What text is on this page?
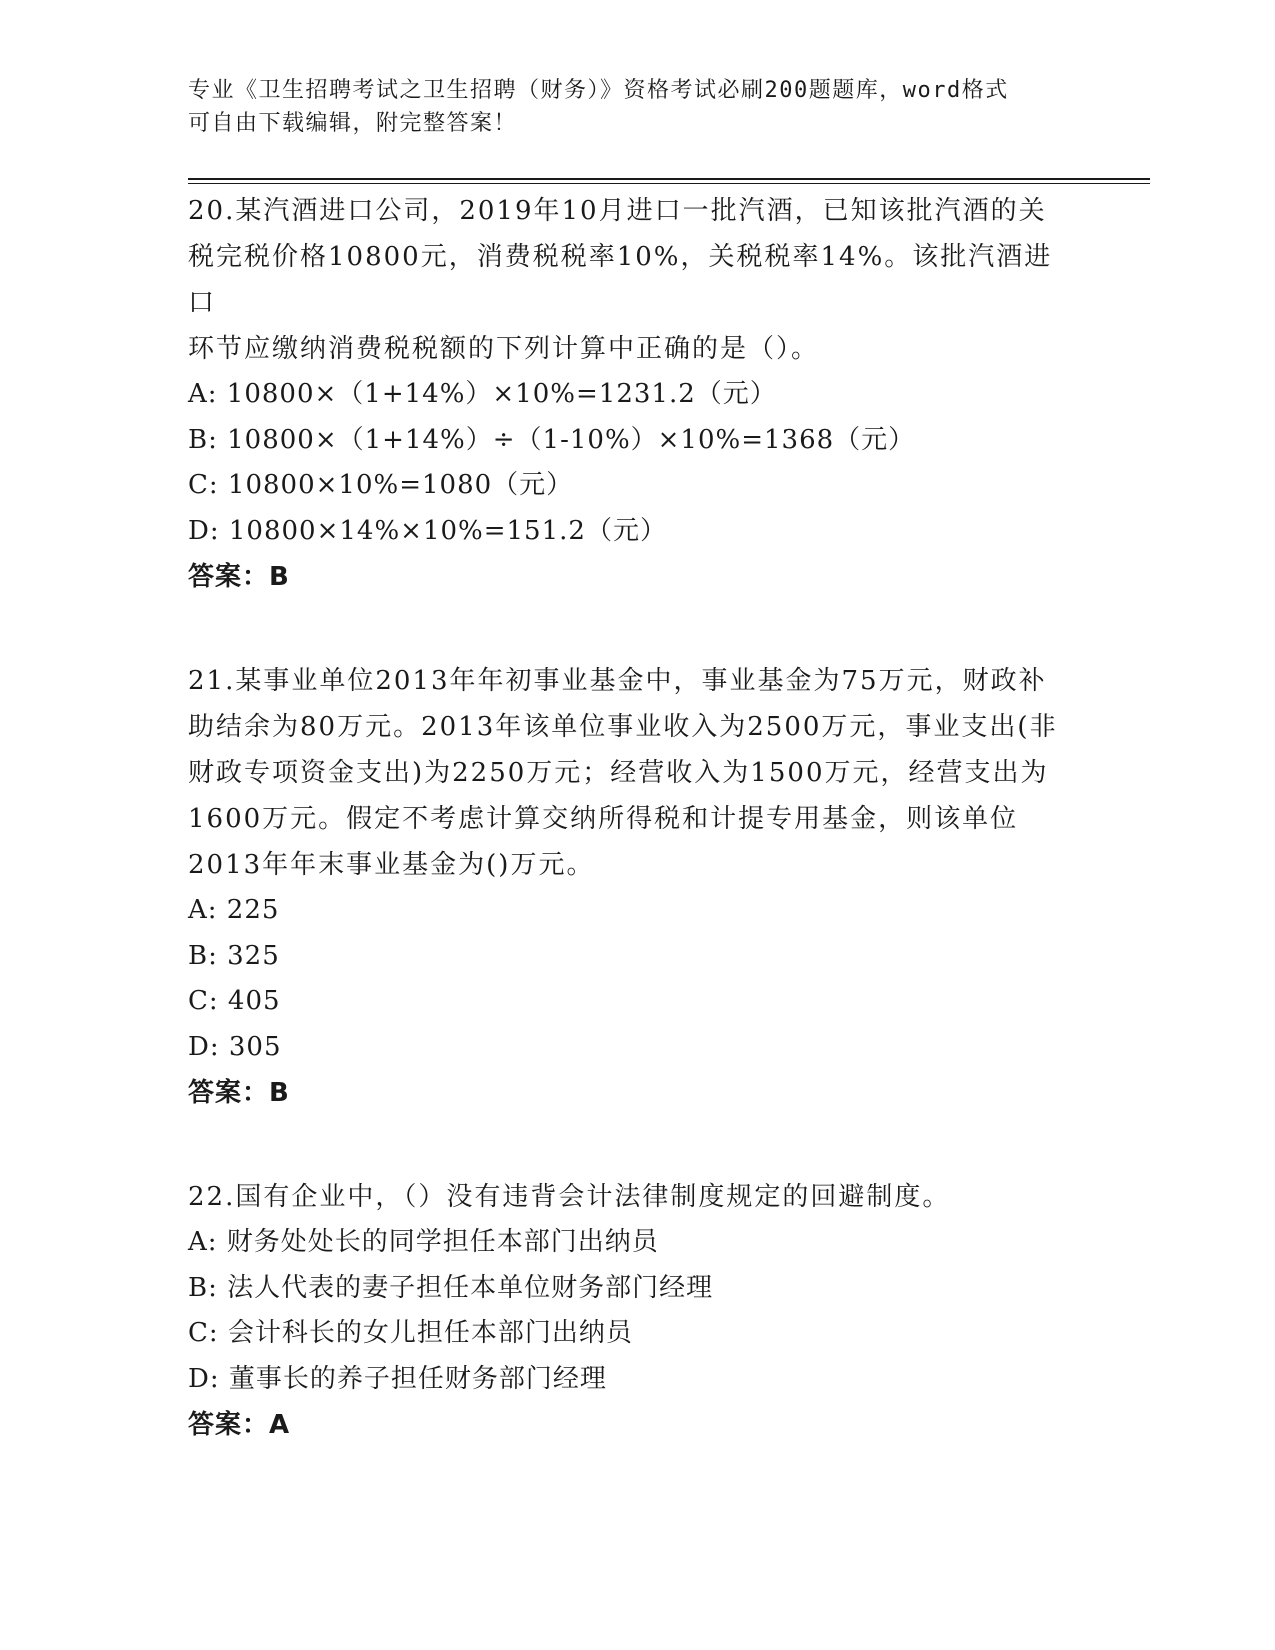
专业《卫生招聘考试之卫生招聘（财务）》资格考试必刷200题题库，word格式
可自由下载编辑，附完整答案！
20.某汽酒进口公司，2019年10月进口一批汽酒，已知该批汽酒的关
税完税价格10800元，消费税税率10%，关税税率14%。该批汽酒进口
环节应缴纳消费税税额的下列计算中正确的是（）。
A: 10800×（1+14%）×10%=1231.2（元）
B: 10800×（1+14%）÷（1-10%）×10%=1368（元）
C: 10800×10%=1080（元）
D: 10800×14%×10%=151.2（元）
答案：B
21.某事业单位2013年年初事业基金中，事业基金为75万元，财政补
助结余为80万元。2013年该单位事业收入为2500万元，事业支出(非
财政专项资金支出)为2250万元；经营收入为1500万元，经营支出为
1600万元。假定不考虑计算交纳所得税和计提专用基金，则该单位
2013年年末事业基金为()万元。
A: 225
B: 325
C: 405
D: 305
答案：B
22.国有企业中，（）没有违背会计法律制度规定的回避制度。
A: 财务处处长的同学担任本部门出纳员
B: 法人代表的妻子担任本单位财务部门经理
C: 会计科长的女儿担任本部门出纳员
D: 董事长的养子担任财务部门经理
答案：A
